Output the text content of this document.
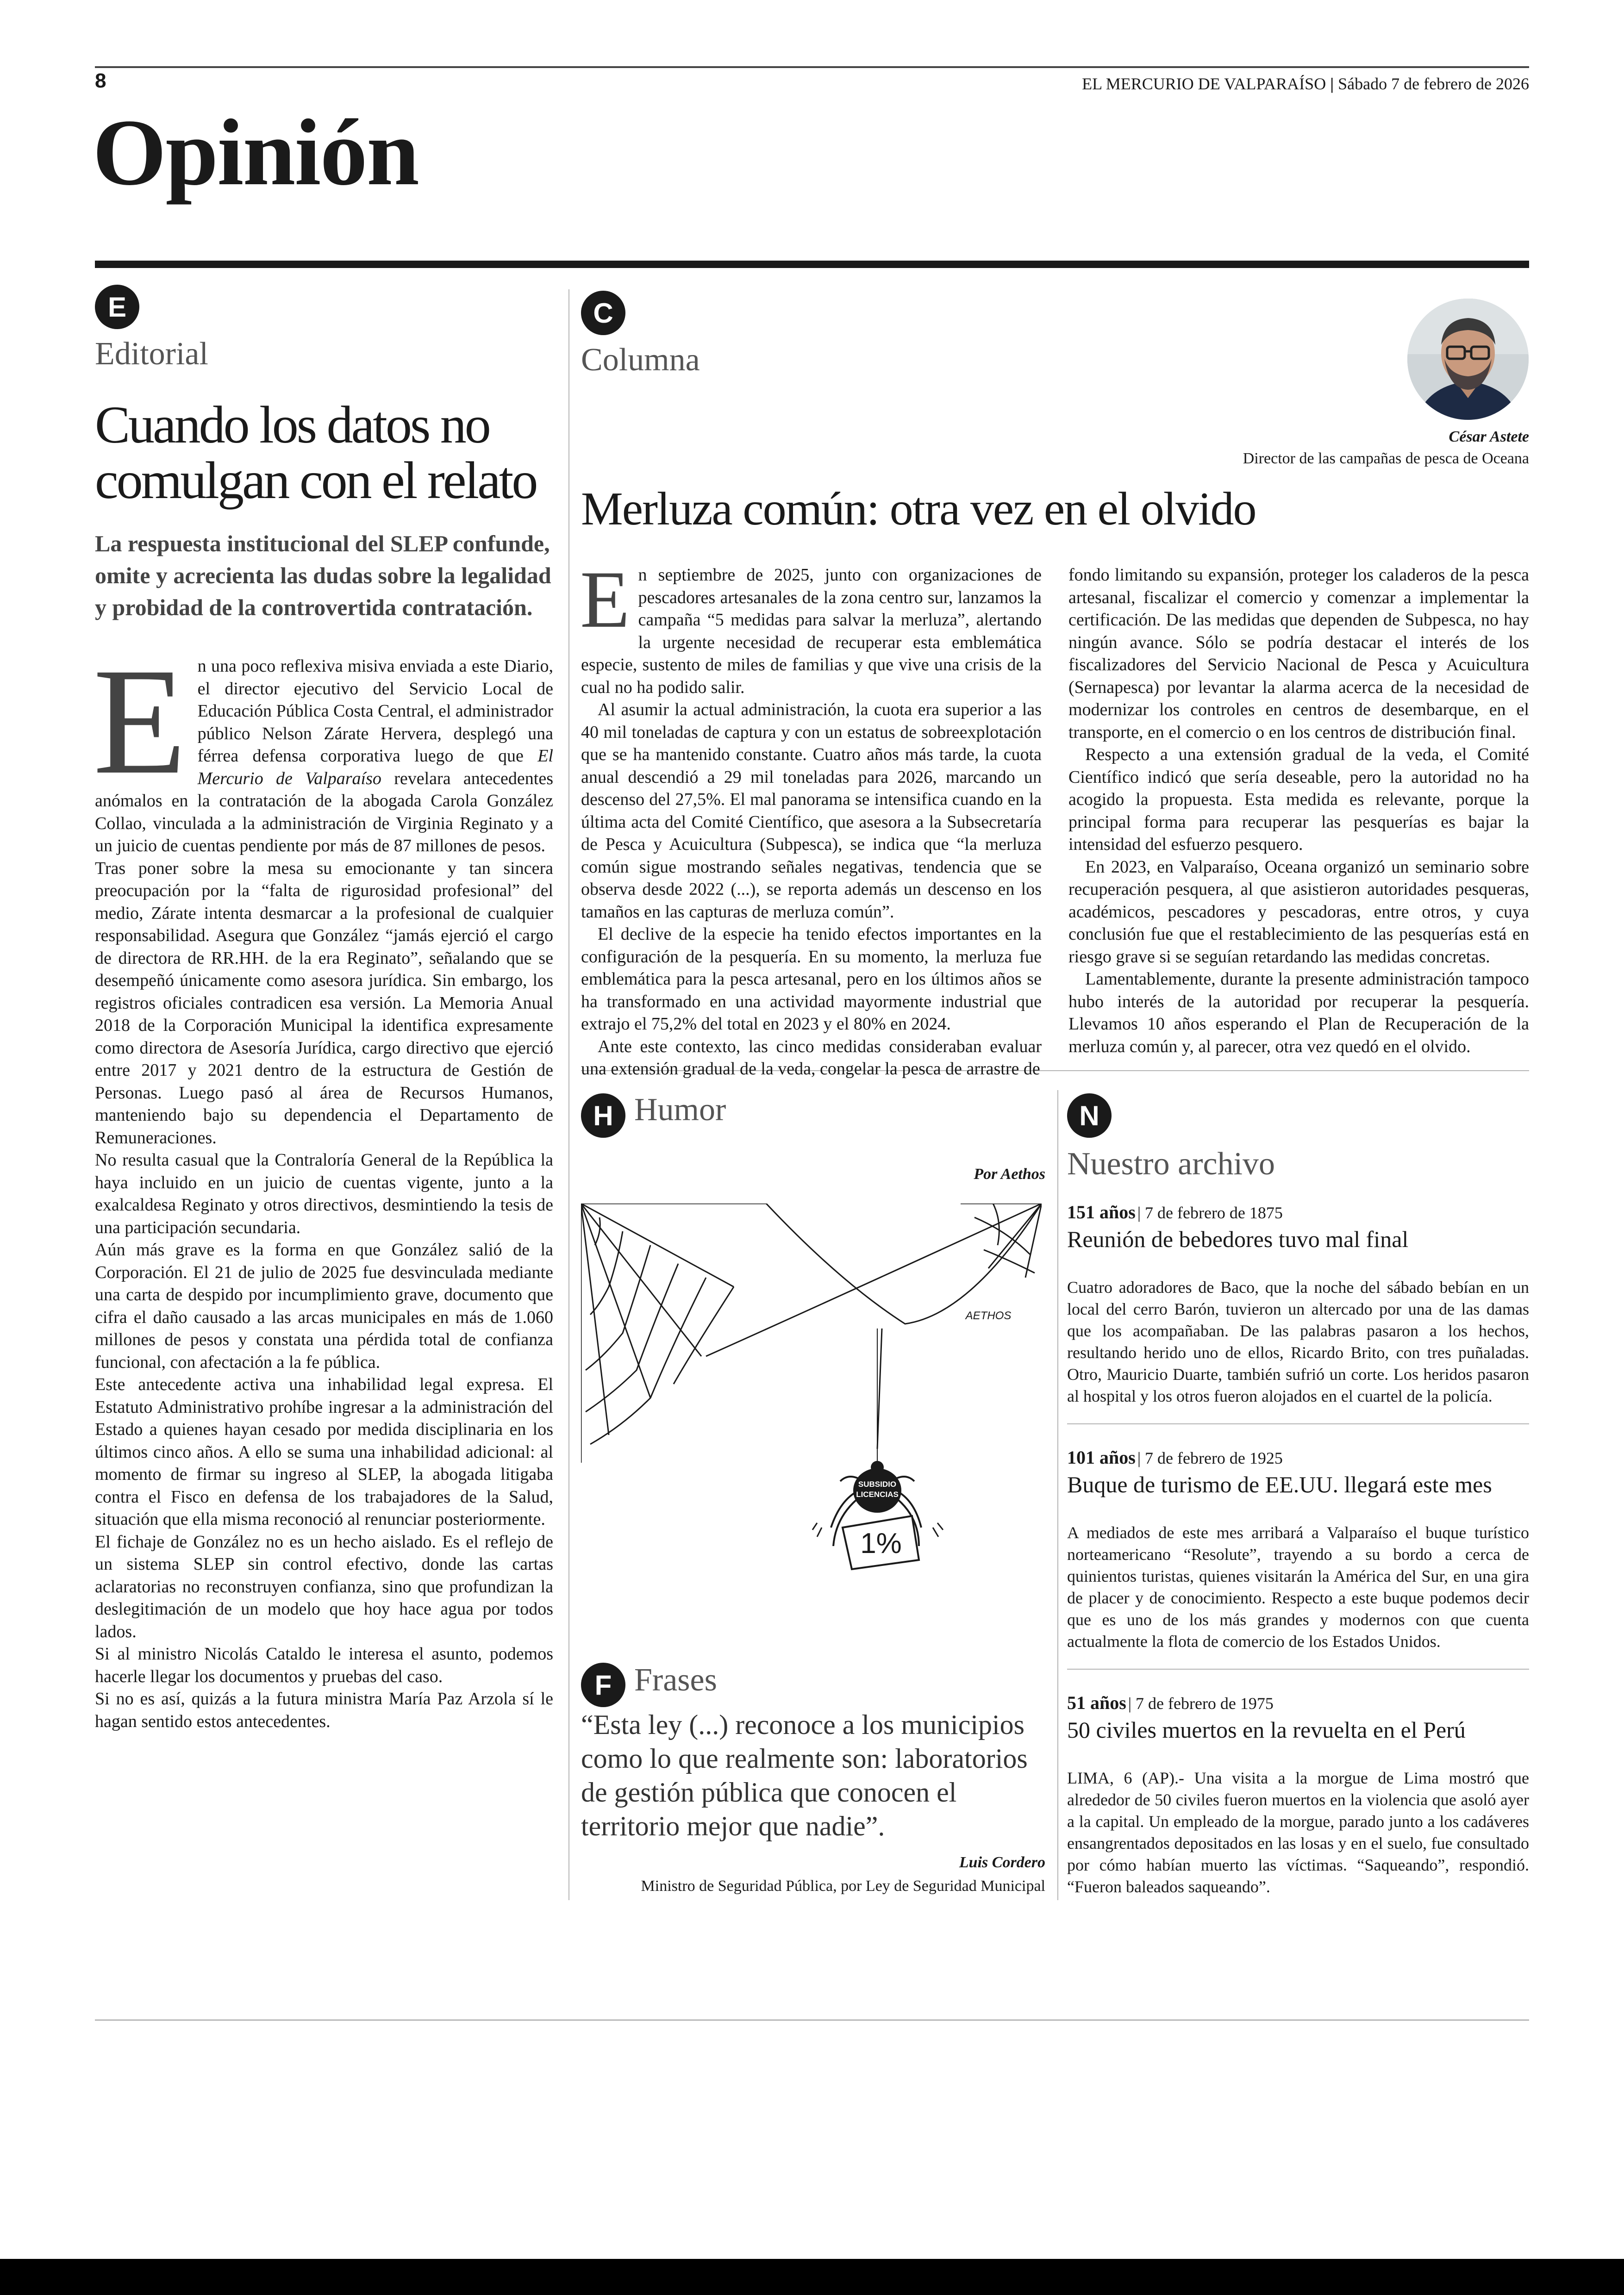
8	EL MERCURIO DE VALPARAÍSO | Sábado 7 de febrero de 2026
Opinión
E
Editorial
Cuando los datos no comulgan con el relato
La respuesta institucional del SLEP confunde, omite y acrecienta las dudas sobre la legalidad y probidad de la controvertida contratación.

En una poco reflexiva misiva enviada a este Diario, el director ejecutivo del Servicio Local de Educación Pública Costa Central, el administrador público Nelson Zárate Hervera, desplegó una férrea defensa corporativa luego de que El Mercurio de Valparaíso revelara antecedentes anómalos en la contratación de la abogada Carola González Collao, vinculada a la administración de Virginia Reginato y a un juicio de cuentas pendiente por más de 87 millones de pesos.

Tras poner sobre la mesa su emocionante y tan sincera preocupación por la “falta de rigurosidad profesional” del medio, Zárate intenta desmarcar a la profesional de cualquier responsabilidad. Asegura que González “jamás ejerció el cargo de directora de RR.HH. de la era Reginato”, señalando que se desempeñó únicamente como asesora jurídica. Sin embargo, los registros oficiales contradicen esa versión. La Memoria Anual 2018 de la Corporación Municipal la identifica expresamente como directora de Asesoría Jurídica, cargo directivo que ejerció entre 2017 y 2021 dentro de la estructura de Gestión de Personas. Luego pasó al área de Recursos Humanos, manteniendo bajo su dependencia el Departamento de Remuneraciones.

No resulta casual que la Contraloría General de la República la haya incluido en un juicio de cuentas vigente, junto a la exalcaldesa Reginato y otros directivos, desmintiendo la tesis de una participación secundaria.

Aún más grave es la forma en que González salió de la Corporación. El 21 de julio de 2025 fue desvinculada mediante una carta de despido por incumplimiento grave, documento que cifra el daño causado a las arcas municipales en más de 1.060 millones de pesos y constata una pérdida total de confianza funcional, con afectación a la fe pública.

Este antecedente activa una inhabilidad legal expresa. El Estatuto Administrativo prohíbe ingresar a la administración del Estado a quienes hayan cesado por medida disciplinaria en los últimos cinco años. A ello se suma una inhabilidad adicional: al momento de firmar su ingreso al SLEP, la abogada litigaba contra el Fisco en defensa de los trabajadores de la Salud, situación que ella misma reconoció al renunciar posteriormente.

El fichaje de González no es un hecho aislado. Es el reflejo de un sistema SLEP sin control efectivo, donde las cartas aclaratorias no reconstruyen confianza, sino que profundizan la deslegitimación de un modelo que hoy hace agua por todos lados.

Si al ministro Nicolás Cataldo le interesa el asunto, podemos hacerle llegar los documentos y pruebas del caso.

Si no es así, quizás a la futura ministra María Paz Arzola sí le hagan sentido estos antecedentes.

C
Columna
César Astete
Director de las campañas de pesca de Oceana
Merluza común: otra vez en el olvido

En septiembre de 2025, junto con organizaciones de pescadores artesanales de la zona centro sur, lanzamos la campaña “5 medidas para salvar la merluza”, alertando la urgente necesidad de recuperar esta emblemática especie, sustento de miles de familias y que vive una crisis de la cual no ha podido salir.

Al asumir la actual administración, la cuota era superior a las 40 mil toneladas de captura y con un estatus de sobreexplotación que se ha mantenido constante. Cuatro años más tarde, la cuota anual descendió a 29 mil toneladas para 2026, marcando un descenso del 27,5%. El mal panorama se intensifica cuando en la última acta del Comité Científico, que asesora a la Subsecretaría de Pesca y Acuicultura (Subpesca), se indica que “la merluza común sigue mostrando señales negativas, tendencia que se observa desde 2022 (...), se reporta además un descenso en los tamaños en las capturas de merluza común”.

El declive de la especie ha tenido efectos importantes en la configuración de la pesquería. En su momento, la merluza fue emblemática para la pesca artesanal, pero en los últimos años se ha transformado en una actividad mayormente industrial que extrajo el 75,2% del total en 2023 y el 80% en 2024.

Ante este contexto, las cinco medidas consideraban evaluar una extensión gradual de la veda, congelar la pesca de arrastre de

fondo limitando su expansión, proteger los caladeros de la pesca artesanal, fiscalizar el comercio y comenzar a implementar la certificación. De las medidas que dependen de Subpesca, no hay ningún avance. Sólo se podría destacar el interés de los fiscalizadores del Servicio Nacional de Pesca y Acuicultura (Sernapesca) por levantar la alarma acerca de la necesidad de modernizar los controles en centros de desembarque, en el transporte, en el comercio o en los centros de distribución final.

Respecto a una extensión gradual de la veda, el Comité Científico indicó que sería deseable, pero la autoridad no ha acogido la propuesta. Esta medida es relevante, porque la principal forma para recuperar las pesquerías es bajar la intensidad del esfuerzo pesquero.

En 2023, en Valparaíso, Oceana organizó un seminario sobre recuperación pesquera, al que asistieron autoridades pesqueras, académicos, pescadores y pescadoras, entre otros, y cuya conclusión fue que el restablecimiento de las pesquerías está en riesgo grave si se seguían retardando las medidas concretas.

Lamentablemente, durante la presente administración tampoco hubo interés de la autoridad por recuperar la pesquería. Llevamos 10 años esperando el Plan de Recuperación de la merluza común y, al parecer, otra vez quedó en el olvido.

H Humor
Por Aethos
SUBSIDIO
LICENCIAS
1%
AETHOS
F Frases
“Esta ley (...) reconoce a los municipios como lo que realmente son: laboratorios de gestión pública que conocen el territorio mejor que nadie”.
Luis Cordero
Ministro de Seguridad Pública, por Ley de Seguridad Municipal
N
Nuestro archivo
151 años | 7 de febrero de 1875
Reunión de bebedores tuvo mal final

Cuatro adoradores de Baco, que la noche del sábado bebían en un local del cerro Barón, tuvieron un altercado por una de las damas que los acompañaban. De las palabras pasaron a los hechos, resultando herido uno de ellos, Ricardo Brito, con tres puñaladas. Otro, Mauricio Duarte, también sufrió un corte. Los heridos pasaron al hospital y los otros fueron alojados en el cuartel de la policía.

101 años | 7 de febrero de 1925
Buque de turismo de EE.UU. llegará este mes

A mediados de este mes arribará a Valparaíso el buque turístico norteamericano “Resolute”, trayendo a su bordo a cerca de quinientos turistas, quienes visitarán la América del Sur, en una gira de placer y de conocimiento. Respecto a este buque podemos decir que es uno de los más grandes y modernos con que cuenta actualmente la flota de comercio de los Estados Unidos.

51 años | 7 de febrero de 1975
50 civiles muertos en la revuelta en el Perú

LIMA, 6 (AP).- Una visita a la morgue de Lima mostró que alrededor de 50 civiles fueron muertos en la violencia que asoló ayer a la capital. Un empleado de la morgue, parado junto a los cadáveres ensangrentados depositados en las losas y en el suelo, fue consultado por cómo habían muerto las víctimas. “Saqueando”, respondió. “Fueron baleados saqueando”.
